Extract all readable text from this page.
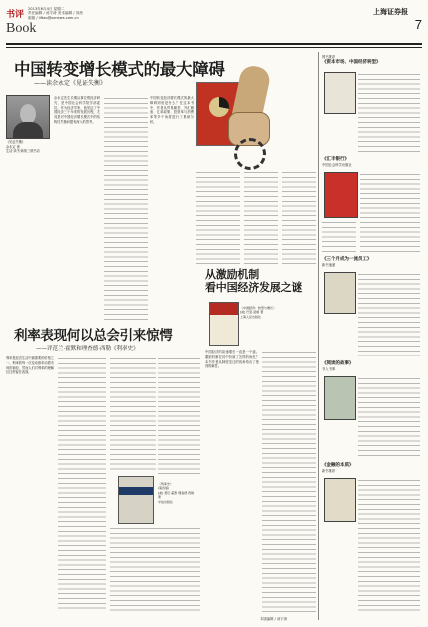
书评
2013年6月4日 星期二
责任编辑 / 汤宇涛 美术编辑 / 刘茜
邮箱 / liftao@sxnews.com.cn
Book
上海证券报
7
中国转变增长模式的最大障碍
——读余永定《见证失衡》
《见证失衡》
余永定 著
生活·读书·新知三联书店
余永定先生长期从事宏观经济研究，是中国社会科学院学部委员。作为经济学家，他见证了中国经济三十年来的发展历程，尤其是对中国经济增长模式中的结构性失衡问题有深入的思考。
中国转变经济增长模式的最大障碍到底是什么？在这本书中，作者从贸易顺差、外汇储备、汇率政策、投资率与消费率等多个角度进行了系统分析。
利率表现何以总会引来惊愕
——评范兰·霍默和理查德·西勒《利率史》
利率是经济生活中最重要的价格之一。利率的每一次变动都牵动着市场的神经，然而人们对利率的理解往往停留在表面。
《利率史》
(第四版)
[美] 悉尼·霍默 理查德·西勒 著
中信出版社
从激励机制
看中国经济发展之谜
《中国经济：转型与增长》
[美] 巴里·诺顿 著
上海人民出版社
中国经济的高速增长一直是一个谜。激励机制在其中扮演了怎样的角色？本书作者从制度变迁的视角给出了独到的解答。
图书推荐
《资本市场、中国经济转型》
《汇丰银行》
中国社会科学出版社
《三个月成为一流员工》
新书速递
《阅读的故事》
书人书事
《金融的本质》
新书推荐
本版编辑 / 汤宇涛
